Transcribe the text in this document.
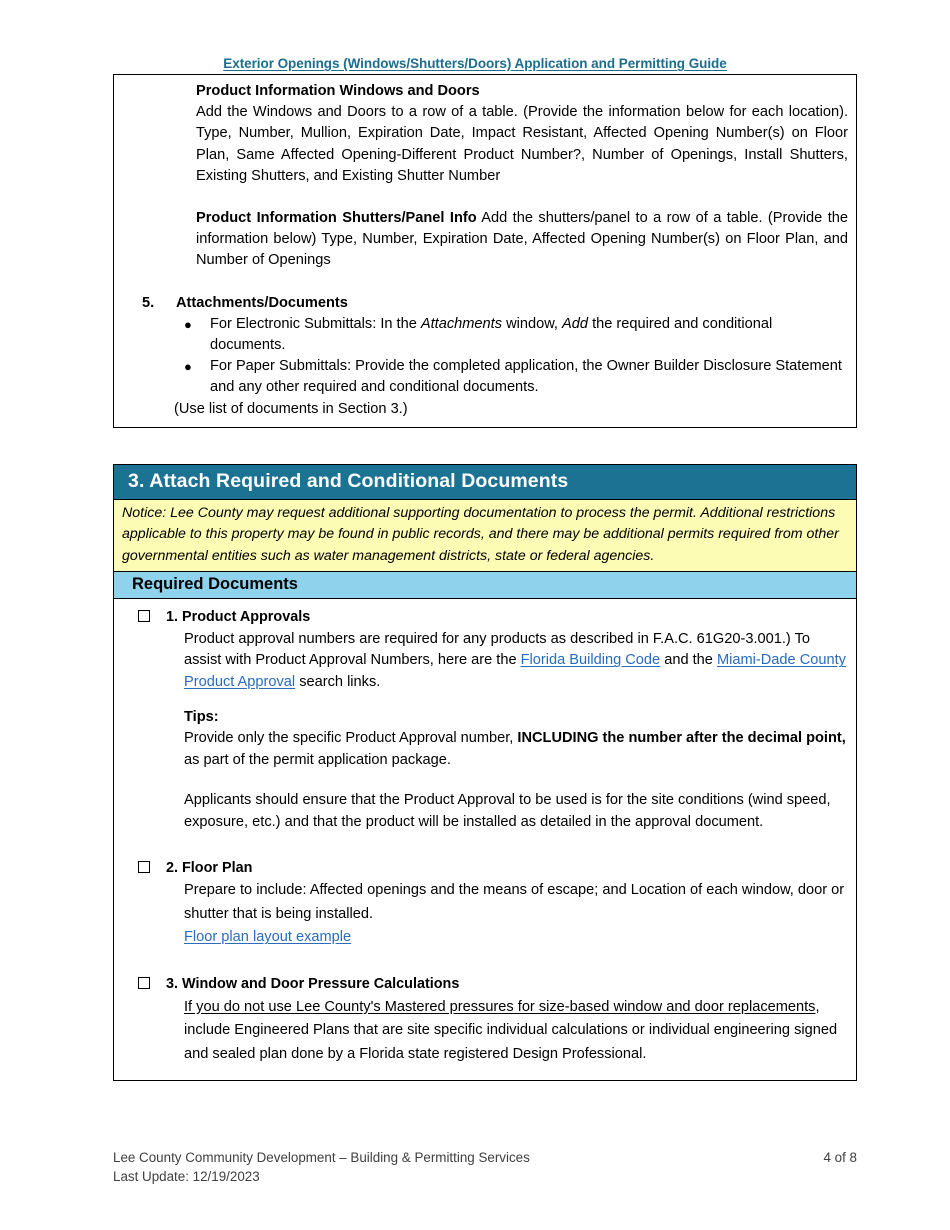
Exterior Openings (Windows/Shutters/Doors) Application and Permitting Guide
Product Information Windows and Doors
Add the Windows and Doors to a row of a table. (Provide the information below for each location). Type, Number, Mullion, Expiration Date, Impact Resistant, Affected Opening Number(s) on Floor Plan, Same Affected Opening-Different Product Number?, Number of Openings, Install Shutters, Existing Shutters, and Existing Shutter Number
Product Information Shutters/Panel Info Add the shutters/panel to a row of a table. (Provide the information below) Type, Number, Expiration Date, Affected Opening Number(s) on Floor Plan, and Number of Openings
5.	Attachments/Documents
● For Electronic Submittals: In the Attachments window, Add the required and conditional documents.
● For Paper Submittals: Provide the completed application, the Owner Builder Disclosure Statement and any other required and conditional documents.
(Use list of documents in Section 3.)
3. Attach Required and Conditional Documents
Notice: Lee County may request additional supporting documentation to process the permit. Additional restrictions applicable to this property may be found in public records, and there may be additional permits required from other governmental entities such as water management districts, state or federal agencies.
Required Documents
1. Product Approvals
Product approval numbers are required for any products as described in F.A.C. 61G20-3.001.) To assist with Product Approval Numbers, here are the Florida Building Code and the Miami-Dade County Product Approval search links.
Tips:
Provide only the specific Product Approval number, INCLUDING the number after the decimal point, as part of the permit application package.
Applicants should ensure that the Product Approval to be used is for the site conditions (wind speed, exposure, etc.) and that the product will be installed as detailed in the approval document.
2. Floor Plan
Prepare to include: Affected openings and the means of escape; and Location of each window, door or shutter that is being installed.
Floor plan layout example
3. Window and Door Pressure Calculations
If you do not use Lee County's Mastered pressures for size-based window and door replacements, include Engineered Plans that are site specific individual calculations or individual engineering signed and sealed plan done by a Florida state registered Design Professional.
Lee County Community Development – Building & Permitting Services
Last Update: 12/19/2023
4 of 8
